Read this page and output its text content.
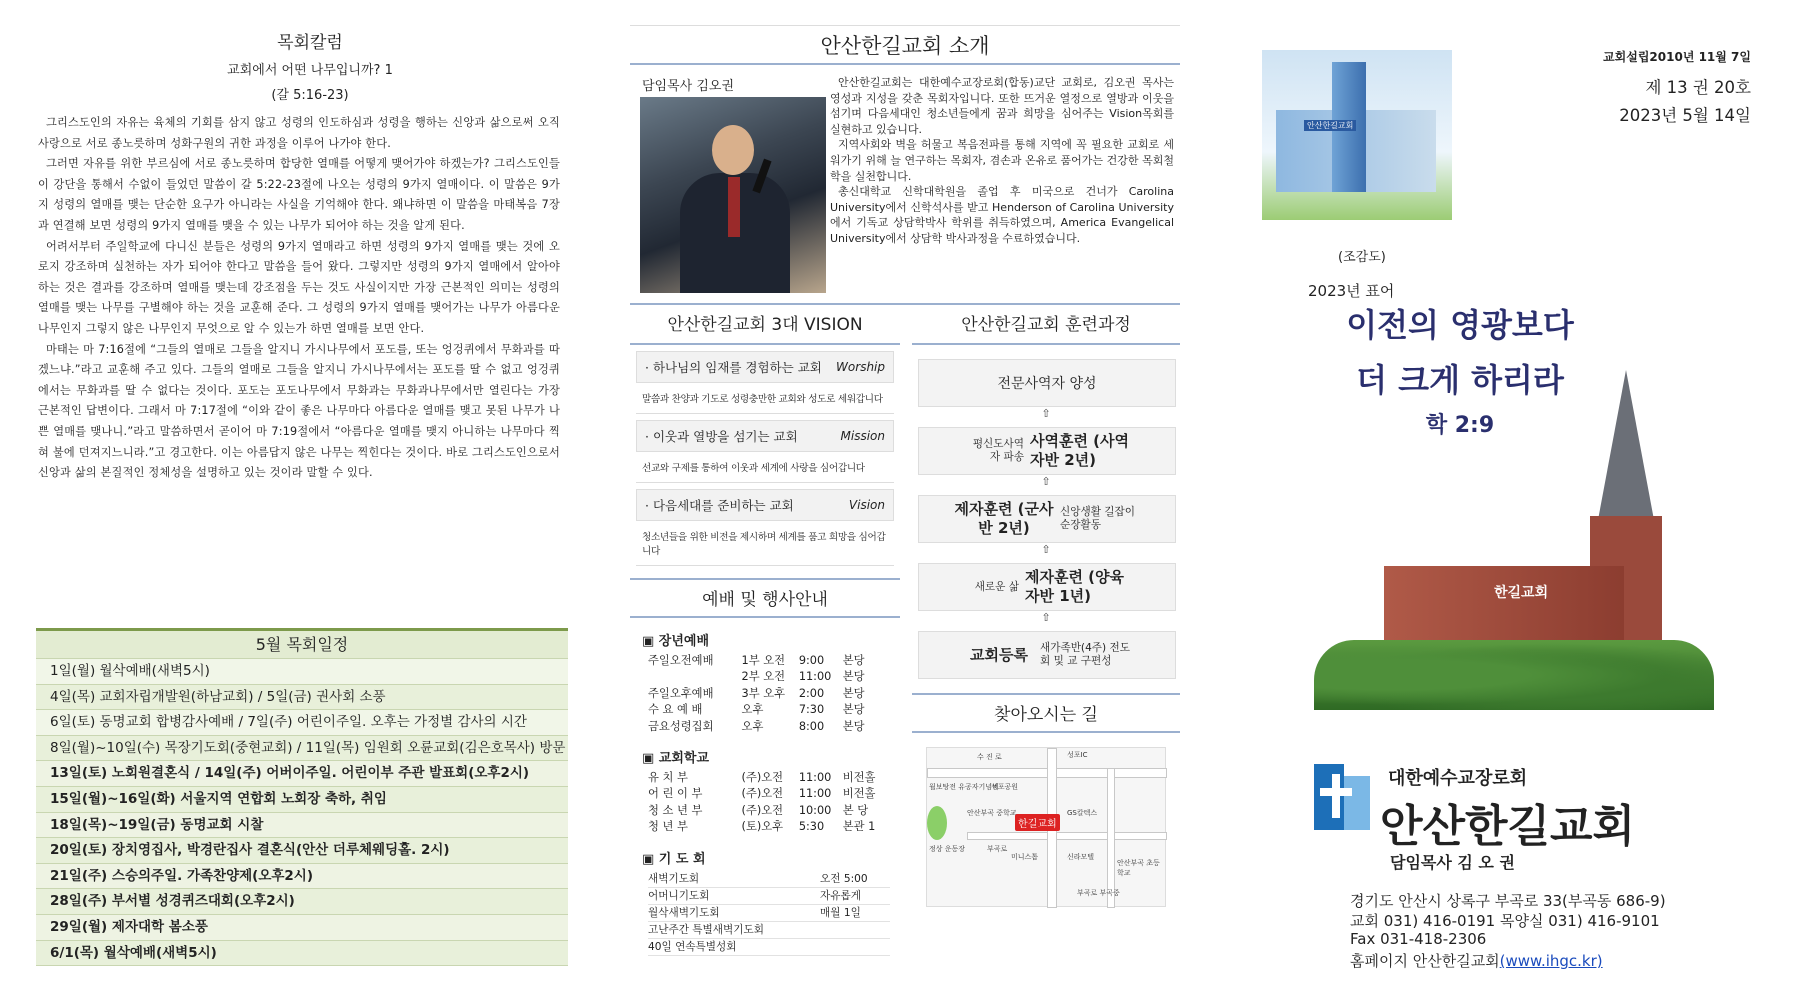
목회칼럼
교회에서 어떤 나무입니까? 1
(갈 5:16-23)

그리스도인의 자유는 육체의 기회를 삼지 않고 성령의 인도하심과 성령을 행하는 신앙과 삶으로써 오직 사랑으로 서로 종노릇하며 성화구원의 귀한 과정을 이루어 나가야 한다.

그러면 자유를 위한 부르심에 서로 종노릇하며 합당한 열매를 어떻게 맺어가야 하겠는가? 그리스도인들이 강단을 통해서 수없이 들었던 말씀이 갈 5:22-23절에 나오는 성령의 9가지 열매이다. 이 말씀은 9가지 성령의 열매를 맺는 단순한 요구가 아니라는 사실을 기억해야 한다. 왜냐하면 이 말씀을 마태복음 7장과 연결해 보면 성령의 9가지 열매를 맺을 수 있는 나무가 되어야 하는 것을 알게 된다.

어려서부터 주일학교에 다니신 분들은 성령의 9가지 열매라고 하면 성령의 9가지 열매를 맺는 것에 오로지 강조하며 실천하는 자가 되어야 한다고 말씀을 들어 왔다. 그렇지만 성령의 9가지 열매에서 알아야 하는 것은 결과를 강조하며 열매를 맺는데 강조점을 두는 것도 사실이지만 가장 근본적인 의미는 성령의 열매를 맺는 나무를 구별해야 하는 것을 교훈해 준다. 그 성령의 9가지 열매를 맺어가는 나무가 아름다운 나무인지 그렇지 않은 나무인지 무엇으로 알 수 있는가 하면 열매를 보면 안다.

마태는 마 7:16절에 “그들의 열매로 그들을 알지니 가시나무에서 포도를, 또는 엉겅퀴에서 무화과를 따겠느냐.”라고 교훈해 주고 있다. 그들의 열매로 그들을 알지니 가시나무에서는 포도를 딸 수 없고 엉겅퀴에서는 무화과를 딸 수 없다는 것이다. 포도는 포도나무에서 무화과는 무화과나무에서만 열린다는 가장 근본적인 답변이다. 그래서 마 7:17절에 “이와 같이 좋은 나무마다 아름다운 열매를 맺고 못된 나무가 나쁜 열매를 맺나니.”라고 말씀하면서 곧이어 마 7:19절에서 “아름다운 열매를 맺지 아니하는 나무마다 찍혀 불에 던져지느니라.”고 경고한다. 이는 아름답지 않은 나무는 찍힌다는 것이다. 바로 그리스도인으로서 신앙과 삶의 본질적인 정체성을 설명하고 있는 것이라 말할 수 있다.

5월 목회일정
1일(월) 월삭예배(새벽5시)
4일(목) 교회자립개발원(하남교회) / 5일(금) 권사회 소풍
6일(토) 동명교회 합병감사예배 / 7일(주) 어린이주일. 오후는 가정별 감사의 시간
8일(월)~10일(수) 목장기도회(중현교회) / 11일(목) 임원회 오륜교회(김은호목사) 방문
13일(토) 노회원결혼식 / 14일(주) 어버이주일. 어린이부 주관 발표회(오후2시)
15일(월)~16일(화) 서울지역 연합회 노회장 축하, 취임
18일(목)~19일(금) 동명교회 시찰
20일(토) 장치영집사, 박경란집사 결혼식(안산 더루체웨딩홀. 2시)
21일(주) 스승의주일. 가족찬양제(오후2시)
28일(주) 부서별 성경퀴즈대회(오후2시)
29일(월) 제자대학 봄소풍
6/1(목) 월삭예배(새벽5시)
안산한길교회 소개
담임목사 김오권	안산한길교회는 대한예수교장로회(합동)교단 교회로, 김오권 목사는 영성과 지성을 갖춘 목회자입니다. 또한 뜨거운 열정으로 열방과 이웃을 섬기며 다음세대인 청소년들에게 꿈과 희망을 심어주는 Vision목회를 실현하고 있습니다.

지역사회와 벽을 허물고 복음전파를 통해 지역에 꼭 필요한 교회로 세워가기 위해 늘 연구하는 목회자, 겸손과 온유로 품어가는 건강한 목회철학을 실천합니다.

총신대학교 신학대학원을 졸업 후 미국으로 건너가 Carolina University에서 신학석사를 받고 Henderson of Carolina University에서 기독교 상담학박사 학위를 취득하였으며, America Evangelical University에서 상담학 박사과정을 수료하였습니다.

안산한길교회 3대 VISION
· 하나님의 임재를 경험하는 교회 Worship
말씀과 찬양과 기도로 성령충만한 교회와 성도로 세워갑니다
· 이웃과 열방을 섬기는 교회	Mission
선교와 구제를 통하여 이웃과 세계에 사랑을 심어갑니다
· 다음세대를 준비하는 교회	Vision
청소년들을 위한 비전을 제시하며 세계를 품고 희망을 심어갑니다
예배 및 행사안내
▣ 장년예배
주일오전예배	1부 오전	9:00	본당
2부 오전	11:00	본당
주일오후예배	3부 오후	2:00	본당
수 요 예 배	오후	7:30	본당
금요성령집회	오후	8:00	본당
▣ 교회학교
유 치 부	(주)오전	11:00	비전홀
어 린 이 부	(주)오전	11:00	비전홀
청 소 년 부	(주)오전	10:00	본 당
청 년 부	(토)오후	5:30	본관 1
▣ 기 도 회
새벽기도회	오전 5:00
어머니기도회	자유롭게
월삭새벽기도회	매월 1일
고난주간 특별새벽기도회
40일 연속특별성회
안산한길교회 훈련과정
전문사역자 양성
⇧
평신도사역자 파송
사역훈련 (사역자반 2년)
⇧
제자훈련 (군사반 2년)
신앙생활 길잡이 순장활동
⇧
새로운 삶
제자훈련 (양육자반 1년)
⇧
교회등록	새가족반(4주) 전도회 및 교 구편성
찾아오시는 길
수 진 로	성포IC
월보탕전 유공자기념비
성포공원
한길교회
GS칼텍스
안산부곡 중학교
정상 운동장
미니스톱	신라모텔
부곡로
안산부곡 초등학교
부곡로 부곡중
교회설립2010년 11월 7일
제 13 권 20호
2023년 5월 14일
안산한길교회
(조감도)
한길교회
2023년 표어
이전의 영광보다
더 크게 하리라
학 2:9
대한예수교장로회
안산한길교회
담임목사 김 오 권
경기도 안산시 상록구 부곡로 33(부곡동 686-9)
교회 031) 416-0191 목양실 031) 416-9101
Fax 031-418-2306
홈페이지 안산한길교회(www.ihgc.kr)
